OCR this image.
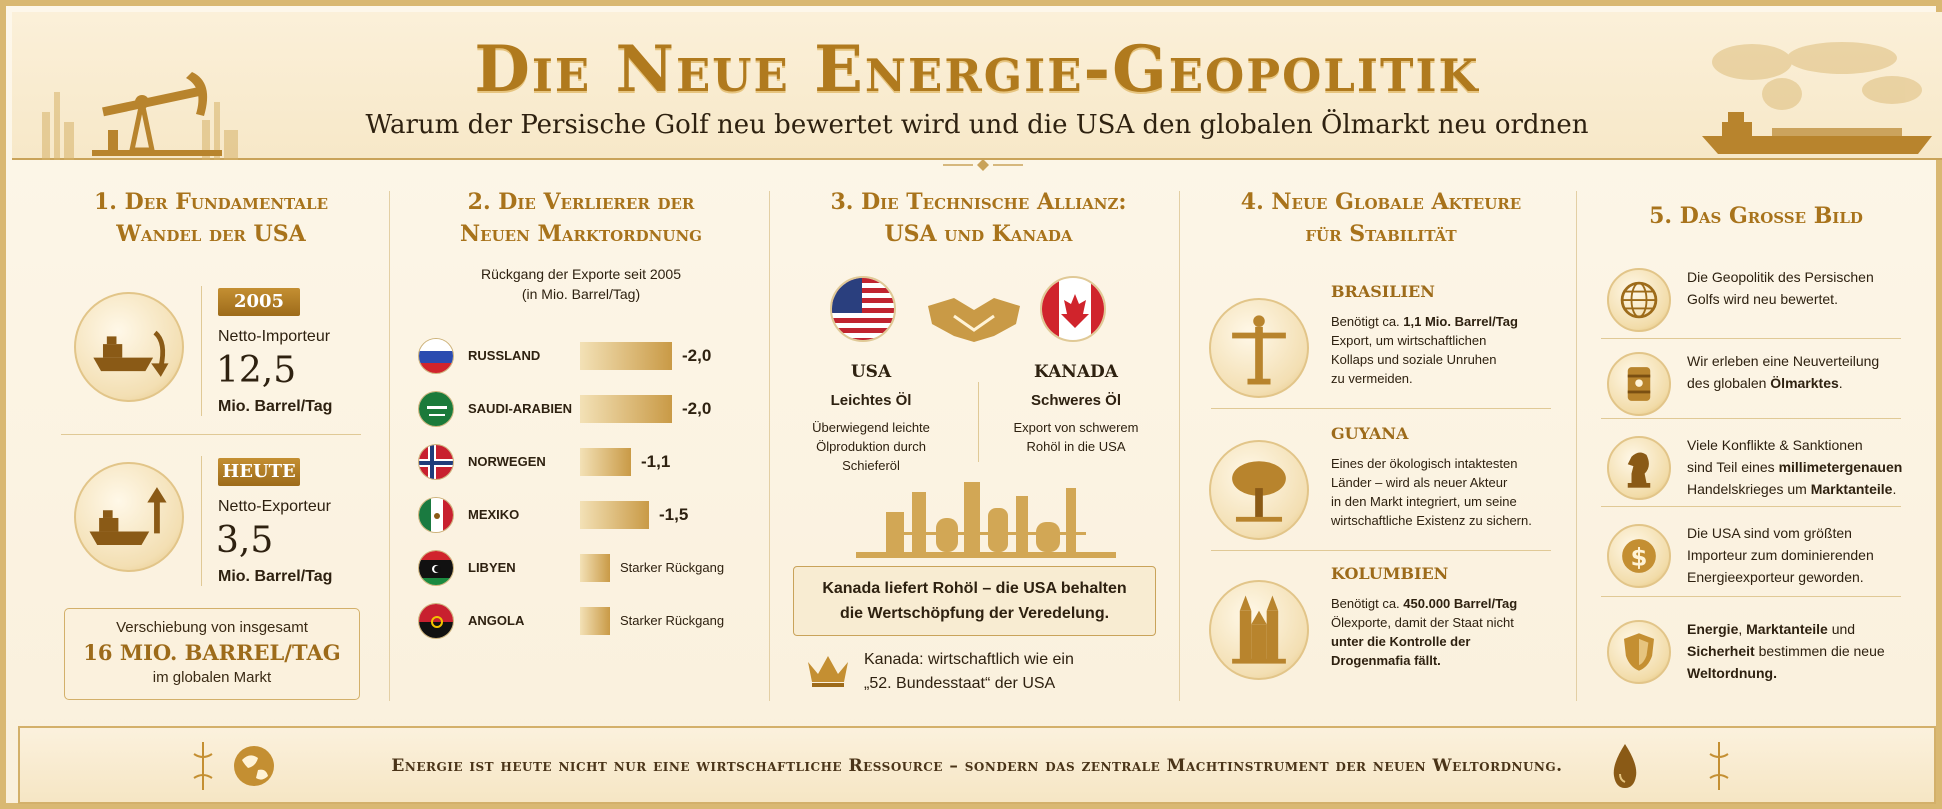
Die Neue Energie-Geopolitik
Warum der Persische Golf neu bewertet wird und die USA den globalen Ölmarkt neu ordnen
1. Der Fundamentale
Wandel der USA
2005
Netto-Importeur
12,5
Mio. Barrel/Tag
HEUTE
Netto-Exporteur
3,5
Mio. Barrel/Tag
Verschiebung von insgesamt
16 MIO. BARREL/TAG
im globalen Markt
2. Die Verlierer der
Neuen Marktordnung
Rückgang der Exporte seit 2005
(in Mio. Barrel/Tag)
RUSSLAND	-2,0
SAUDI-ARABIEN	-2,0
NORWEGEN	-1,1
MEXIKO	-1,5
LIBYEN	Starker Rückgang
ANGOLA	Starker Rückgang
3. Die Technische Allianz:
USA und Kanada
USA
Leichtes Öl
Überwiegend leichte
Ölproduktion durch
Schieferöl
KANADA
Schweres Öl
Export von schwerem
Rohöl in die USA
Kanada liefert Rohöl – die USA behalten
die Wertschöpfung der Veredelung.
Kanada: wirtschaftlich wie ein
„52. Bundesstaat“ der USA
4. Neue Globale Akteure
für Stabilität
BRASILIEN
Benötigt ca. 1,1 Mio. Barrel/Tag
Export, um wirtschaftlichen
Kollaps und soziale Unruhen
zu vermeiden.
GUYANA
Eines der ökologisch intaktesten
Länder – wird als neuer Akteur
in den Markt integriert, um seine
wirtschaftliche Existenz zu sichern.
KOLUMBIEN
Benötigt ca. 450.000 Barrel/Tag
Ölexporte, damit der Staat nicht
unter die Kontrolle der
Drogenmafia fällt.
5. Das Grosse Bild
Die Geopolitik des Persischen
Golfs wird neu bewertet.
Wir erleben eine Neuverteilung
des globalen Ölmarktes.
Viele Konflikte & Sanktionen
sind Teil eines millimetergenauen
Handelskrieges um Marktanteile.
$
Die USA sind vom größten
Importeur zum dominierenden
Energieexporteur geworden.
Energie, Marktanteile und
Sicherheit bestimmen die neue
Weltordnung.
Energie ist heute nicht nur eine wirtschaftliche Ressource – sondern das zentrale Machtinstrument der neuen Weltordnung.
